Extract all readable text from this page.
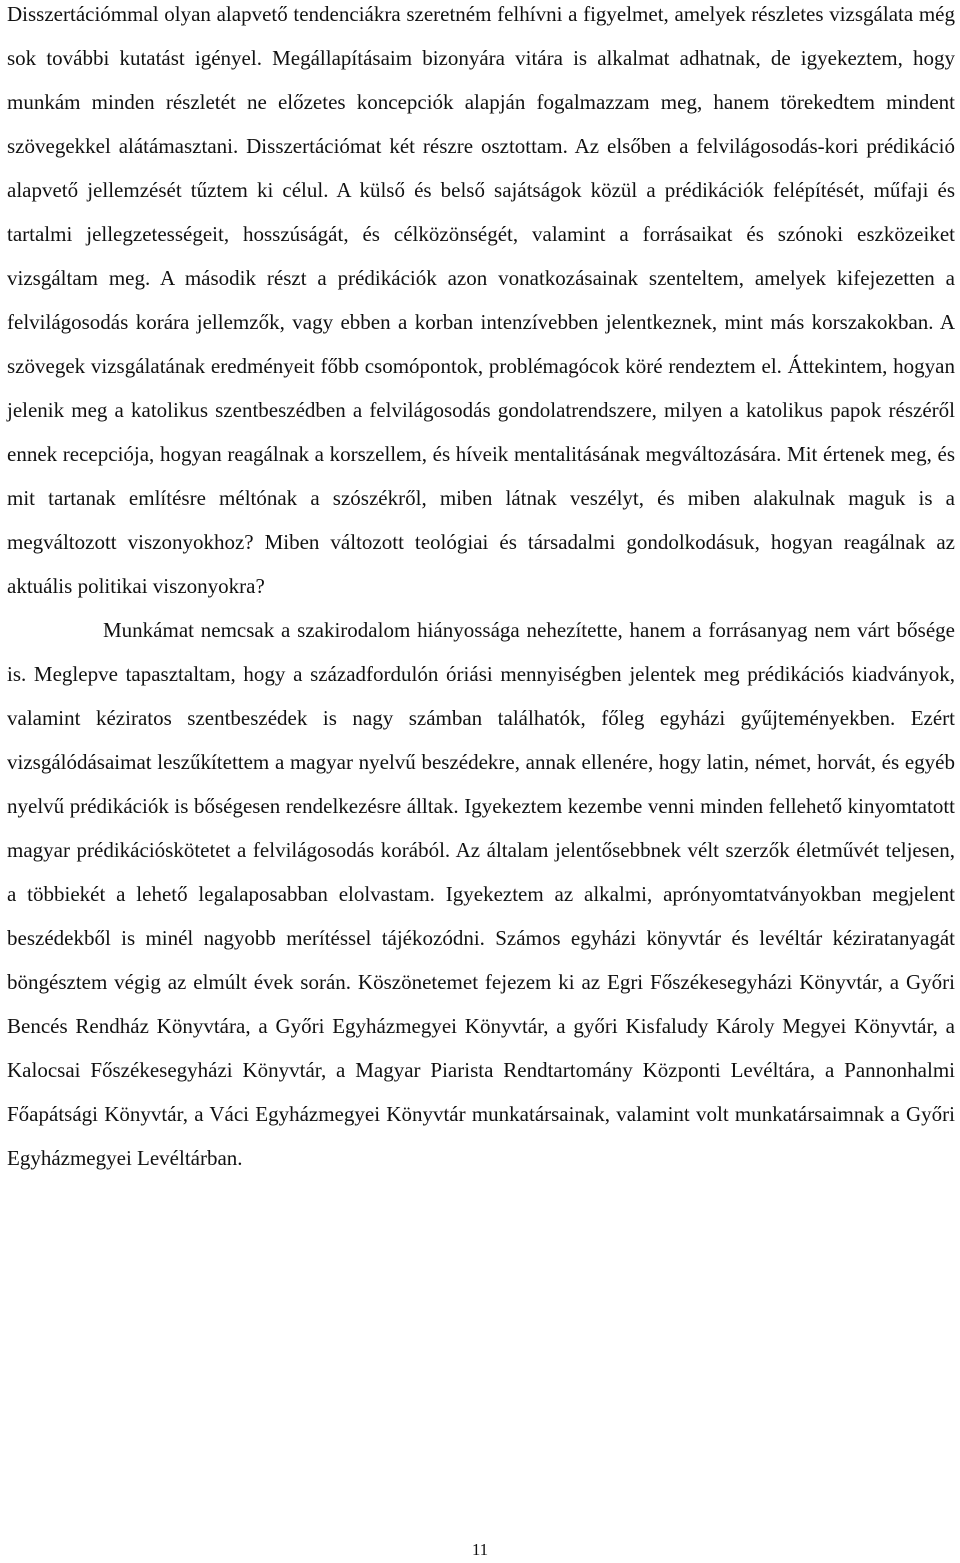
Disszertációmmal olyan alapvető tendenciákra szeretném felhívni a figyelmet, amelyek részletes vizsgálata még sok további kutatást igényel. Megállapításaim bizonyára vitára is alkalmat adhatnak, de igyekeztem, hogy munkám minden részletét ne előzetes koncepciók alapján fogalmazzam meg, hanem törekedtem mindent szövegekkel alátámasztani. Disszertációmat két részre osztottam. Az elsőben a felvilágosodás-kori prédikáció alapvető jellemzését tűztem ki célul. A külső és belső sajátságok közül a prédikációk felépítését, műfaji és tartalmi jellegzetességeit, hosszúságát, és célközönségét, valamint a forrásaikat és szónoki eszközeiket vizsgáltam meg. A második részt a prédikációk azon vonatkozásainak szenteltem, amelyek kifejezetten a felvilágosodás korára jellemzők, vagy ebben a korban intenzívebben jelentkeznek, mint más korszakokban. A szövegek vizsgálatának eredményeit főbb csomópontok, problémagócok köré rendeztem el. Áttekintem, hogyan jelenik meg a katolikus szentbeszédben a felvilágosodás gondolatrendszere, milyen a katolikus papok részéről ennek recepciója, hogyan reagálnak a korszellem, és híveik mentalitásának megváltozására. Mit értenek meg, és mit tartanak említésre méltónak a szószékről, miben látnak veszélyt, és miben alakulnak maguk is a megváltozott viszonyokhoz? Miben változott teológiai és társadalmi gondolkodásuk, hogyan reagálnak az aktuális politikai viszonyokra?

Munkámat nemcsak a szakirodalom hiányossága nehezítette, hanem a forrásanyag nem várt bősége is. Meglepve tapasztaltam, hogy a századfordulón óriási mennyiségben jelentek meg prédikációs kiadványok, valamint kéziratos szentbeszédek is nagy számban találhatók, főleg egyházi gyűjteményekben. Ezért vizsgálódásaimat leszűkítettem a magyar nyelvű beszédekre, annak ellenére, hogy latin, német, horvát, és egyéb nyelvű prédikációk is bőségesen rendelkezésre álltak. Igyekeztem kezembe venni minden fellehető kinyomtatott magyar prédikációskötetet a felvilágosodás korából. Az általam jelentősebbnek vélt szerzők életművét teljesen, a többiekét a lehető legalaposabban elolvastam. Igyekeztem az alkalmi, aprónyomtatványokban megjelent beszédekből is minél nagyobb merítéssel tájékozódni. Számos egyházi könyvtár és levéltár kéziratanyagát böngésztem végig az elmúlt évek során. Köszönetemet fejezem ki az Egri Főszékesegyházi Könyvtár, a Győri Bencés Rendház Könyvtára, a Győri Egyházmegyei Könyvtár, a győri Kisfaludy Károly Megyei Könyvtár, a Kalocsai Főszékesegyházi Könyvtár, a Magyar Piarista Rendtartomány Központi Levéltára, a Pannonhalmi Főapátsági Könyvtár, a Váci Egyházmegyei Könyvtár munkatársainak, valamint volt munkatársaimnak a Győri Egyházmegyei Levéltárban.

11
